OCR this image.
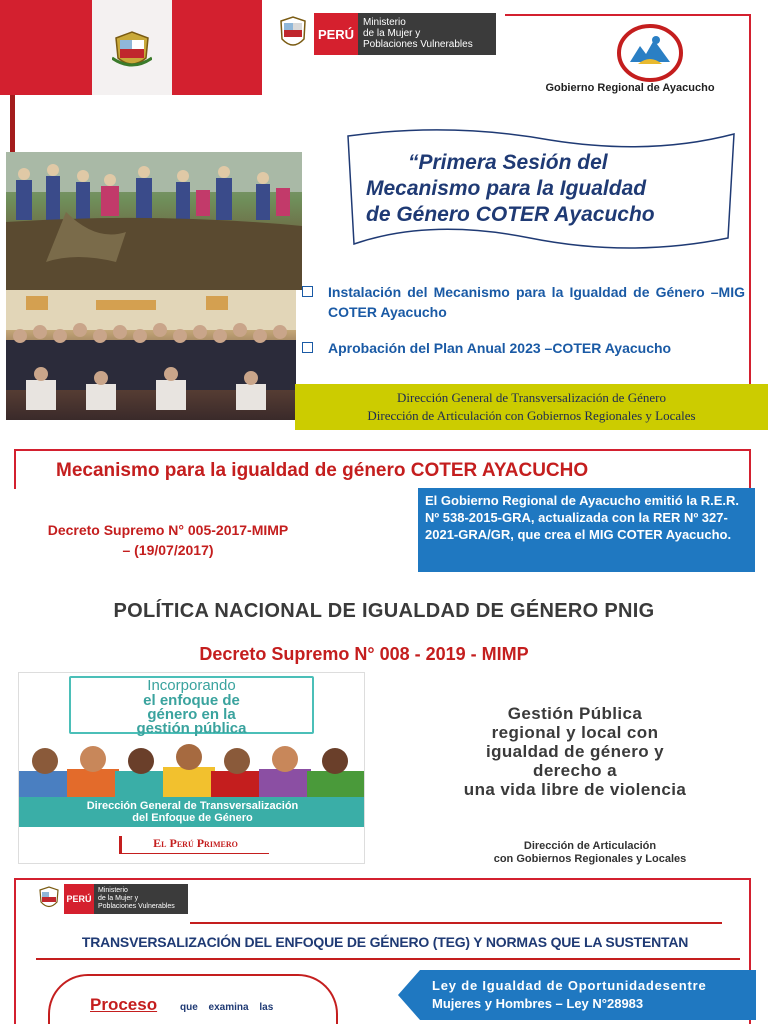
PERÚ
Ministerio
de la Mujer y
Poblaciones Vulnerables
Gobierno Regional de Ayacucho
“Primera Sesión del
Mecanismo para la Igualdad
de Género COTER Ayacucho
Instalación del Mecanismo para la Igualdad de Género –MIG COTER Ayacucho
Aprobación del Plan Anual 2023 –COTER Ayacucho
Dirección General de Transversalización de Género
Dirección de Articulación con Gobiernos Regionales y Locales
Mecanismo para la igualdad de género COTER AYACUCHO
Decreto Supremo N° 005-2017-MIMP
– (19/07/2017)
El Gobierno Regional de Ayacucho emitió la R.E.R. Nº 538-2015-GRA, actualizada con la RER Nº 327-2021-GRA/GR, que crea el MIG COTER Ayacucho.
POLÍTICA NACIONAL DE IGUALDAD DE GÉNERO PNIG
Decreto Supremo N° 008 - 2019 - MIMP
Incorporando
el enfoque de
género en la
gestión pública
Dirección General de Transversalización
del Enfoque de Género
El Perú Primero
Gestión Pública
regional y local con
igualdad de género y
derecho a
una vida libre de violencia
Dirección de Articulación
con Gobiernos Regionales y Locales
PERÚ
Ministerio
de la Mujer y
Poblaciones Vulnerables
TRANSVERSALIZACIÓN DEL ENFOQUE DE GÉNERO (TEG) Y NORMAS QUE LA SUSTENTAN
Proceso que examina las
Ley de Igualdad de Oportunidadesentre
Mujeres y Hombres – Ley N°28983
